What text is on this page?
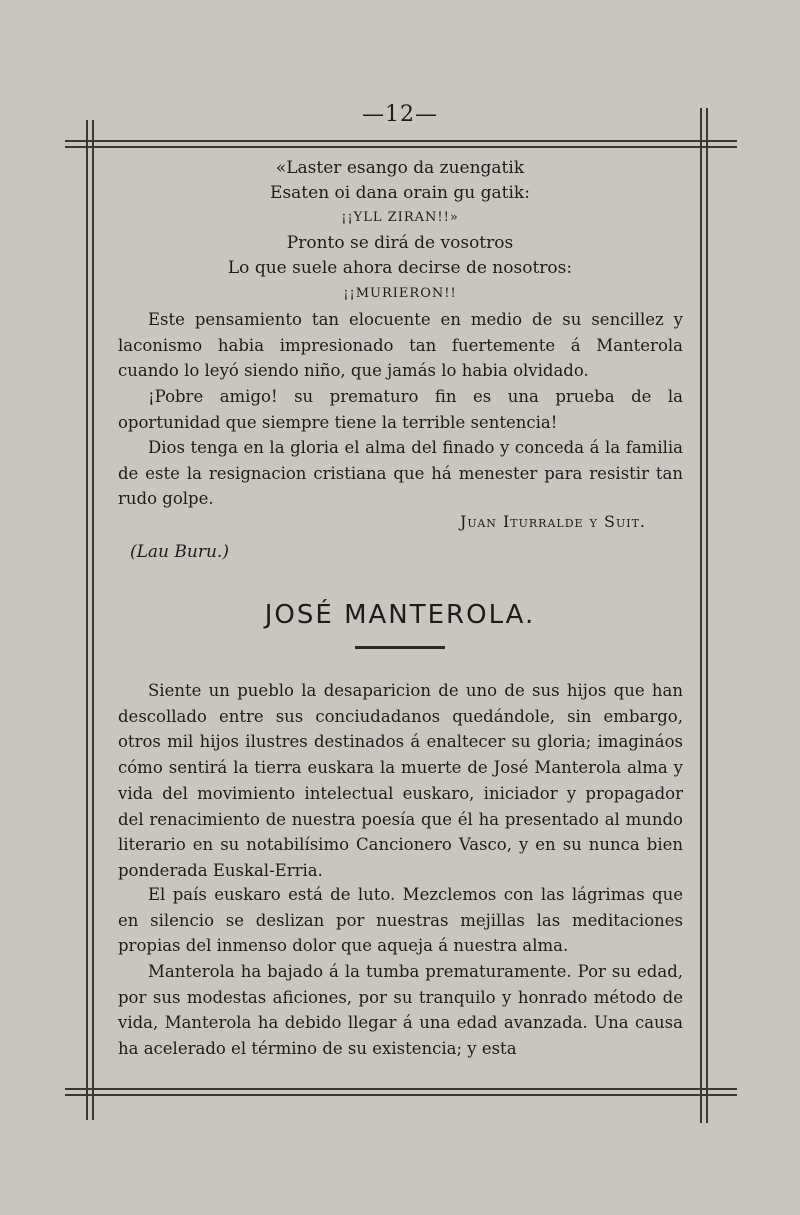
—12—
«Laster esango da zuengatik
Esaten oi dana orain gu gatik:
¡¡YLL ZIRAN!!»
Pronto se dirá de vosotros
Lo que suele ahora decirse de nosotros:
¡¡MURIERON!!
Este pensamiento tan elocuente en medio de su sencillez y laconismo habia impresionado tan fuertemente á Manterola cuando lo leyó siendo niño, que jamás lo habia olvidado.
¡Pobre amigo! su prematuro fin es una prueba de la oportunidad que siempre tiene la terrible sentencia!
Dios tenga en la gloria el alma del finado y conceda á la familia de este la resignacion cristiana que há menester para resistir tan rudo golpe.
Juan Iturralde y Suit.
(Lau Buru.)
JOSÉ MANTEROLA.
Siente un pueblo la desaparicion de uno de sus hijos que han descollado entre sus conciudadanos quedándole, sin embargo, otros mil hijos ilustres destinados á enaltecer su gloria; imagináos cómo sentirá la tierra euskara la muerte de José Manterola alma y vida del movimiento intelectual euskaro, iniciador y propagador del renacimiento de nuestra poesía que él ha presentado al mundo literario en su notabilísimo Cancionero Vasco, y en su nunca bien ponderada Euskal-Erria.
El país euskaro está de luto. Mezclemos con las lágrimas que en silencio se deslizan por nuestras mejillas las meditaciones propias del inmenso dolor que aqueja á nuestra alma.
Manterola ha bajado á la tumba prematuramente. Por su edad, por sus modestas aficiones, por su tranquilo y honrado método de vida, Manterola ha debido llegar á una edad avanzada. Una causa ha acelerado el término de su existencia; y esta
